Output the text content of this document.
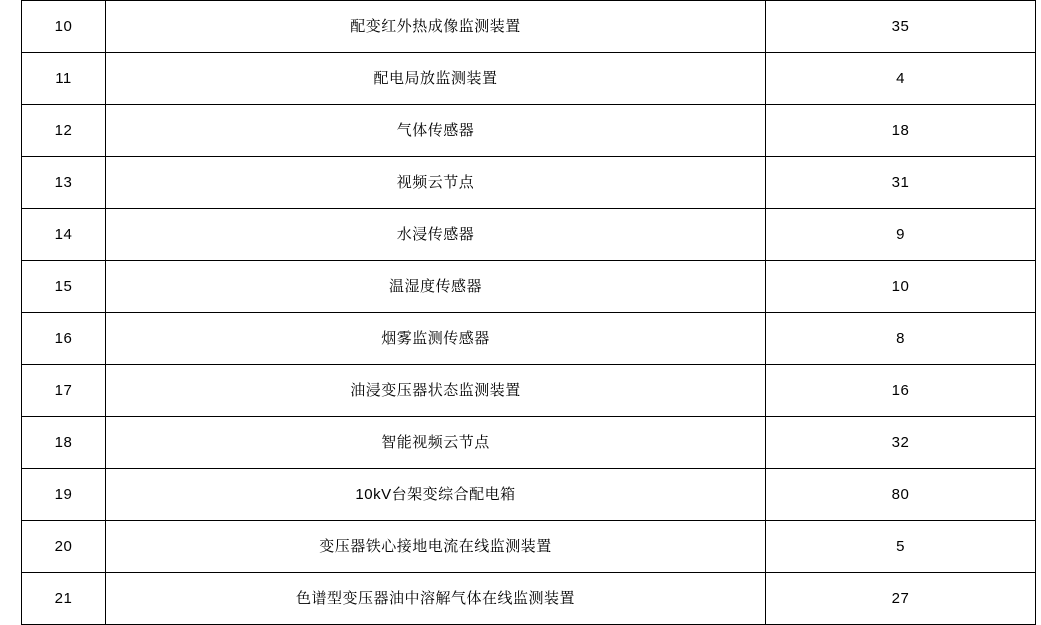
10	配变红外热成像监测装置	35
11	配电局放监测装置	4
12	气体传感器	18
13	视频云节点	31
14	水浸传感器	9
15	温湿度传感器	10
16	烟雾监测传感器	8
17	油浸变压器状态监测装置	16
18	智能视频云节点	32
19	10kV台架变综合配电箱	80
20	变压器铁心接地电流在线监测装置	5
21	色谱型变压器油中溶解气体在线监测装置	27
